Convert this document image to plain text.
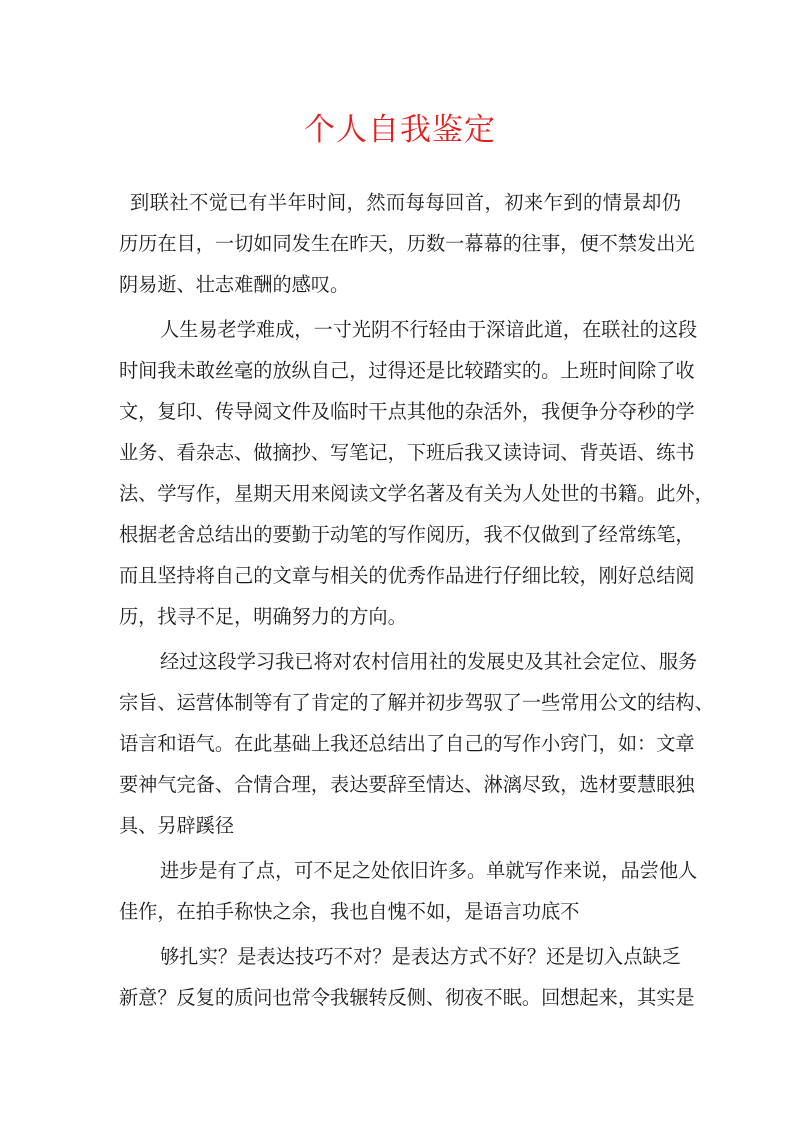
个人自我鉴定

到联社不觉已有半年时间，然而每每回首，初来乍到的情景却仍

历历在目，一切如同发生在昨天，历数一幕幕的往事，便不禁发出光

阴易逝、壮志难酬的感叹。

人生易老学难成，一寸光阴不行轻由于深谙此道，在联社的这段

时间我未敢丝毫的放纵自己，过得还是比较踏实的。上班时间除了收

文，复印、传导阅文件及临时干点其他的杂活外，我便争分夺秒的学

业务、看杂志、做摘抄、写笔记，下班后我又读诗词、背英语、练书

法、学写作，星期天用来阅读文学名著及有关为人处世的书籍。此外，

根据老舍总结出的要勤于动笔的写作阅历，我不仅做到了经常练笔，

而且坚持将自己的文章与相关的优秀作品进行仔细比较，刚好总结阅

历，找寻不足，明确努力的方向。

经过这段学习我已将对农村信用社的发展史及其社会定位、服务

宗旨、运营体制等有了肯定的了解并初步驾驭了一些常用公文的结构、

语言和语气。在此基础上我还总结出了自己的写作小窍门，如：文章

要神气完备、合情合理，表达要辞至情达、淋漓尽致，选材要慧眼独

具、另辟蹊径

进步是有了点，可不足之处依旧许多。单就写作来说，品尝他人

佳作，在拍手称快之余，我也自愧不如，是语言功底不

够扎实？是表达技巧不对？是表达方式不好？还是切入点缺乏

新意？反复的质问也常令我辗转反侧、彻夜不眠。回想起来，其实是
